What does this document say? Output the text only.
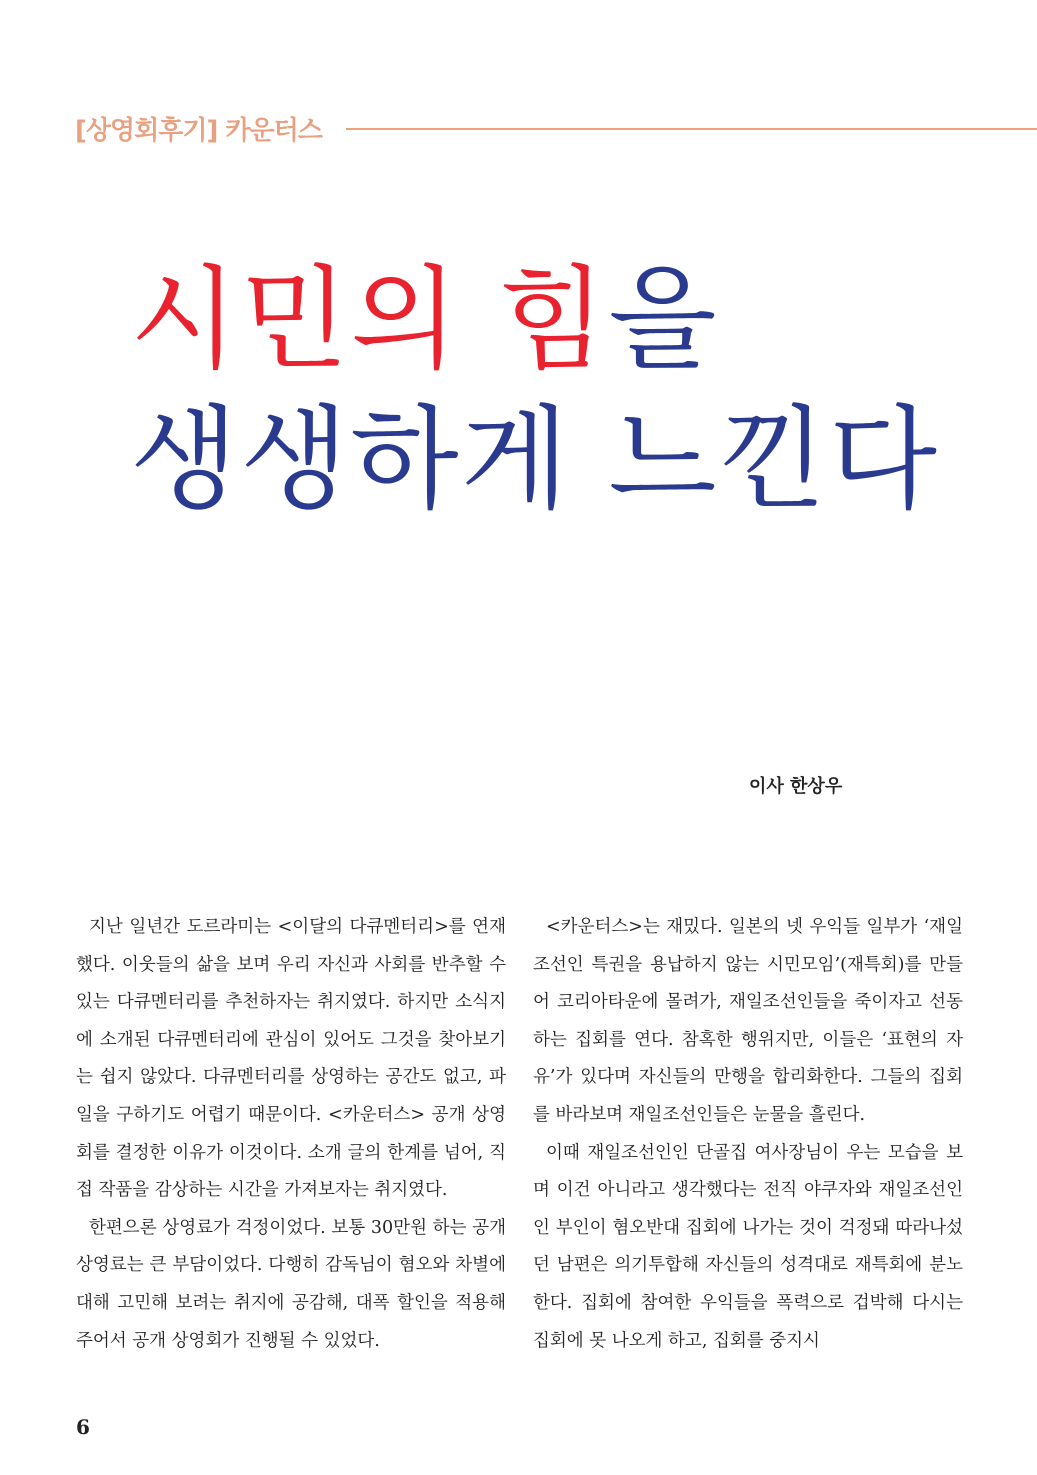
[상영회후기] 카운터스
시민의 힘을
생생하게 느낀다
이사 한상우

지난 일년간 도르라미는 <이달의 다큐멘터리>를 연재했다. 이웃들의 삶을 보며 우리 자신과 사회를 반추할 수 있는 다큐멘터리를 추천하자는 취지였다. 하지만 소식지에 소개된 다큐멘터리에 관심이 있어도 그것을 찾아보기는 쉽지 않았다. 다큐멘터리를 상영하는 공간도 없고, 파일을 구하기도 어렵기 때문이다. <카운터스> 공개 상영회를 결정한 이유가 이것이다. 소개 글의 한계를 넘어, 직접 작품을 감상하는 시간을 가져보자는 취지였다.

한편으론 상영료가 걱정이었다. 보통 30만원 하는 공개 상영료는 큰 부담이었다. 다행히 감독님이 혐오와 차별에 대해 고민해 보려는 취지에 공감해, 대폭 할인을 적용해 주어서 공개 상영회가 진행될 수 있었다.

<카운터스>는 재밌다. 일본의 넷 우익들 일부가 ‘재일조선인 특권을 용납하지 않는 시민모임’(재특회)를 만들어 코리아타운에 몰려가, 재일조선인들을 죽이자고 선동하는 집회를 연다. 참혹한 행위지만, 이들은 ‘표현의 자유’가 있다며 자신들의 만행을 합리화한다. 그들의 집회를 바라보며 재일조선인들은 눈물을 흘린다.

이때 재일조선인인 단골집 여사장님이 우는 모습을 보며 이건 아니라고 생각했다는 전직 야쿠자와 재일조선인인 부인이 혐오반대 집회에 나가는 것이 걱정돼 따라나섰던 남편은 의기투합해 자신들의 성격대로 재특회에 분노한다. 집회에 참여한 우익들을 폭력으로 겁박해 다시는 집회에 못 나오게 하고, 집회를 중지시

6
